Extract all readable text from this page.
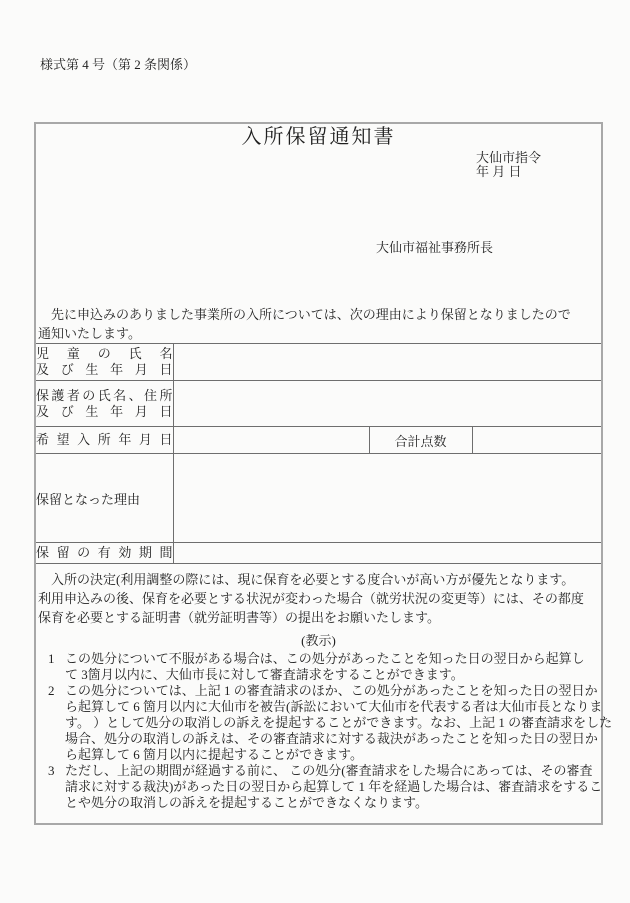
様式第 4 号（第 2 条関係）
入所保留通知書
大仙市指令
年 月 日
大仙市福祉事務所長
　先に申込みのありました事業所の入所については、次の理由により保留となりましたので
通知いたします。
児 童 の 氏 名
及 び 生 年 月 日			

保護者の氏名、住所
及 び 生 年 月 日			

希 望 入 所 年 月 日		合計点数	
保留となった理由			

保 留 の 有 効 期 間			

　入所の決定(利用調整の際には、現に保育を必要とする度合いが高い方が優先となります。
利用申込みの後、保育を必要とする状況が変わった場合（就労状況の変更等）には、その都度
保育を必要とする証明書（就労証明書等）の提出をお願いたします。
(教示)
1 この処分について不服がある場合は、この処分があったことを知った日の翌日から起算し
て 3箇月以内に、大仙市長に対して審査請求をすることができます。
2 この処分については、上記 1 の審査請求のほか、この処分があったことを知った日の翌日か
ら起算して 6 箇月以内に大仙市を被告(訴訟において大仙市を代表する者は大仙市長となりま
す。 ）として処分の取消しの訴えを提起することができます。なお、上記 1 の審査請求をした
場合、処分の取消しの訴えは、その審査請求に対する裁決があったことを知った日の翌日か
ら起算して 6 箇月以内に提起することができます。
3 ただし、上記の期間が経過する前に、 この処分(審査請求をした場合にあっては、その審査
請求に対する裁決)があった日の翌日から起算して 1 年を経過した場合は、審査請求をするこ
とや処分の取消しの訴えを提起することができなくなります。
